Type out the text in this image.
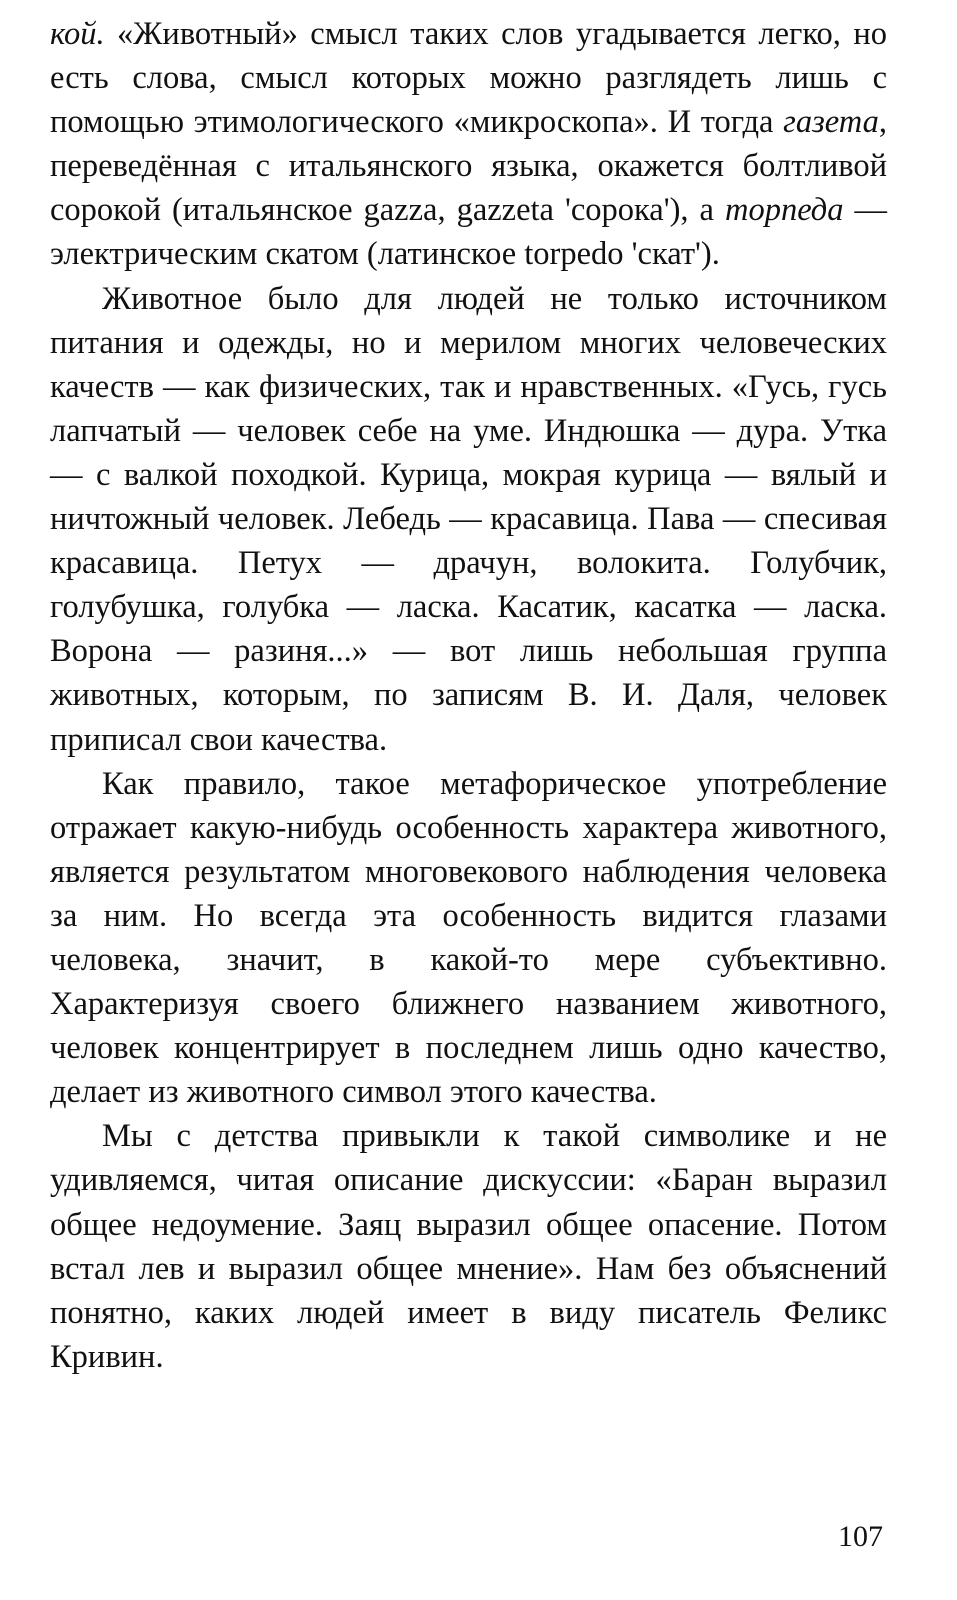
кой. «Животный» смысл таких слов угадывается легко, но есть слова, смысл которых можно разглядеть лишь с помощью этимологического «микроскопа». И тогда газета, переведённая с итальянского языка, окажется болтливой сорокой (итальянское gazza, gazzeta 'сорока'), а торпеда — электрическим скатом (латинское torpedo 'скат').

Животное было для людей не только источником питания и одежды, но и мерилом многих человеческих качеств — как физических, так и нравственных. «Гусь, гусь лапчатый — человек себе на уме. Индюшка — дура. Утка — с валкой походкой. Курица, мокрая курица — вялый и ничтожный человек. Лебедь — красавица. Пава — спесивая красавица. Петух — драчун, волокита. Голубчик, голубушка, голубка — ласка. Касатик, касатка — ласка. Ворона — разиня...» — вот лишь небольшая группа животных, которым, по записям В. И. Даля, человек приписал свои качества.

Как правило, такое метафорическое употребление отражает какую-нибудь особенность характера животного, является результатом многовекового наблюдения человека за ним. Но всегда эта особенность видится глазами человека, значит, в какой-то мере субъективно. Характеризуя своего ближнего названием животного, человек концентрирует в последнем лишь одно качество, делает из животного символ этого качества.

Мы с детства привыкли к такой символике и не удивляемся, читая описание дискуссии: «Баран выразил общее недоумение. Заяц выразил общее опасение. Потом встал лев и выразил общее мнение». Нам без объяснений понятно, каких людей имеет в виду писатель Феликс Кривин.

107
